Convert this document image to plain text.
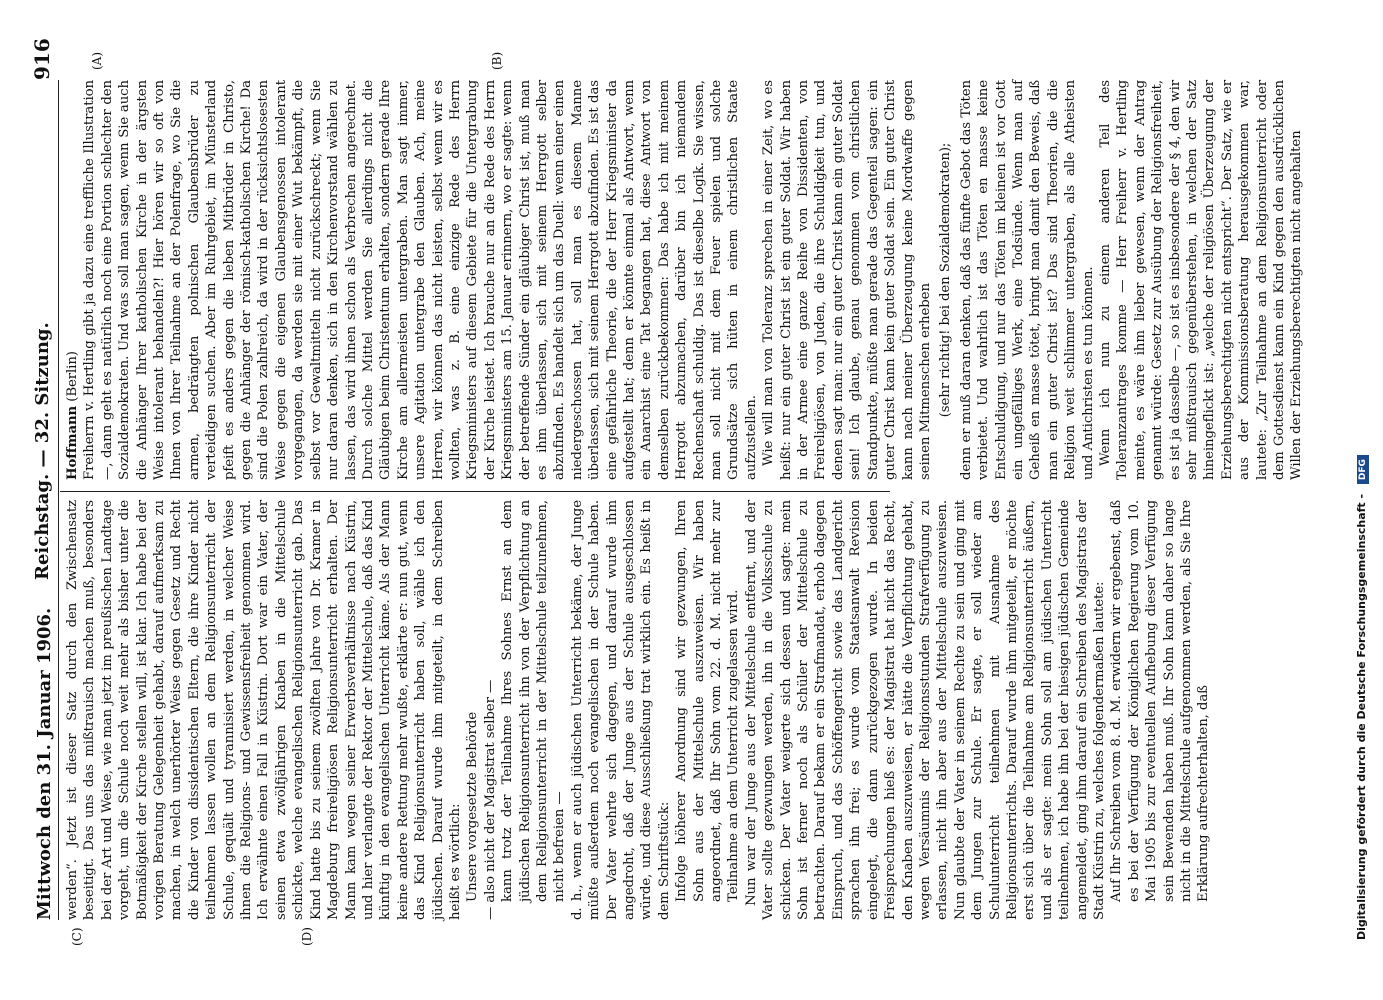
916
Reichstag. — 32. Sitzung.
Mittwoch den 31. Januar 1906.
(A)	(B)
(C)	(D)

Hoffmann (Berlin) Freiherrn v. Hertling gibt ja dazu eine treffliche Illustration —, dann geht es natürlich noch eine Portion schlechter den Sozialdemokraten. Und was soll man sagen, wenn Sie auch die Anhänger Ihrer katholischen Kirche in der ärgsten Weise intolerant behandeln?! Hier hören wir so oft von Ihnen von Ihrer Teilnahme an der Polenfrage, wo Sie die armen, bedrängten polnischen Glaubensbrüder zu verteidigen suchen. Aber im Ruhrgebiet, im Münsterland pfeift es anders gegen die lieben Mitbrüder in Christo, gegen die Anhänger der römisch-katholischen Kirche! Da sind die Polen zahlreich, da wird in der rücksichtslosesten Weise gegen die eigenen Glaubensgenossen intolerant vorgegangen, da werden sie mit einer Wut bekämpft, die selbst vor Gewaltmitteln nicht zurückschreckt; wenn Sie nur daran denken, sich in den Kirchenvorstand wählen zu lassen, das wird ihnen schon als Verbrechen angerechnet. Durch solche Mittel werden Sie allerdings nicht die Gläubigen beim Christentum erhalten, sondern gerade Ihre Kirche am allermeisten untergraben. Man sagt immer, unsere Agitation untergrabe den Glauben. Ach, meine Herren, wir können das nicht leisten, selbst wenn wir es wollten, was z. B. eine einzige Rede des Herrn Kriegsministers auf diesem Gebiete für die Untergrabung der Kirche leistet. Ich brauche nur an die Rede des Herrn Kriegsministers am 15. Januar erinnern, wo er sagte: wenn der betreffende Sünder ein gläubiger Christ ist, muß man es ihm überlassen, sich mit seinem Herrgott selber abzufinden. Es handelt sich um das Duell: wenn einer einen niedergeschossen hat, soll man es diesem Manne überlassen, sich mit seinem Herrgott abzufinden. Es ist das eine gefährliche Theorie, die der Herr Kriegsminister da aufgestellt hat; denn er könnte einmal als Antwort, wenn ein Anarchist eine Tat begangen hat, diese Antwort von demselben zurückbekommen: Das habe ich mit meinem Herrgott abzumachen, darüber bin ich niemandem Rechenschaft schuldig. Das ist dieselbe Logik. Sie wissen, man soll nicht mit dem Feuer spielen und solche Grundsätze sich hüten in einem christlichen Staate aufzustellen. Wie will man von Toleranz sprechen in einer Zeit, wo es heißt: nur ein guter Christ ist ein guter Soldat. Wir haben in der Armee eine ganze Reihe von Dissidenten, von Freireligiösen, von Juden, die ihre Schuldigkeit tun, und denen sagt man: nur ein guter Christ kann ein guter Soldat sein! Ich glaube, genau genommen vom christlichen Standpunkte, müßte man gerade das Gegenteil sagen: ein guter Christ kann kein guter Soldat sein. Ein guter Christ kann nach meiner Überzeugung keine Mordwaffe gegen seinen Mitmenschen erheben (sehr richtig! bei den Sozialdemokraten); denn er muß daran denken, daß das fünfte Gebot das Töten verbietet. Und wahrlich ist das Töten en masse keine Entschuldigung, und nur das Töten im kleinen ist vor Gott ein ungefälliges Werk, eine Todsünde. Wenn man auf Geheiß en masse tötet, bringt man damit den Beweis, daß man ein guter Christ ist? Das sind Theorien, die die Religion weit schlimmer untergraben, als alle Atheisten und Antichristen es tun können. Wenn ich nun zu einem anderen Teil des Toleranzantrages komme — Herr Freiherr v. Hertling meinte, es wäre ihm lieber gewesen, wenn der Antrag genannt würde: Gesetz zur Ausübung der Religionsfreiheit, es ist ja dasselbe —, so ist es insbesondere der § 4, den wir sehr mißtrauisch gegenüberstehen, in welchen der Satz hineingeflickt ist: „welche der religiösen Überzeugung der Erziehungsberechtigten nicht entspricht“. Der Satz, wie er aus der Kommissionsberatung herausgekommen war, lautete: „Zur Teilnahme an dem Religionsunterricht oder dem Gottesdienst kann ein Kind gegen den ausdrücklichen Willen der Erziehungsberechtigten nicht angehalten

werden“. Jetzt ist dieser Satz durch den Zwischensatz beseitigt. Das uns das mißtrauisch machen muß, besonders bei der Art und Weise, wie man jetzt im preußischen Landtage vorgeht, um die Schule noch weit mehr als bisher unter die Botmäßigkeit der Kirche stellen will, ist klar. Ich habe bei der vorigen Beratung Gelegenheit gehabt, darauf aufmerksam zu machen, in welch unerhörter Weise gegen Gesetz und Recht die Kinder von dissidentischen Eltern, die ihre Kinder nicht teilnehmen lassen wollen an dem Religionsunterricht der Schule, gequält und tyrannisiert werden, in welcher Weise ihnen die Religions- und Gewissensfreiheit genommen wird. Ich erwähnte einen Fall in Küstrin. Dort war ein Vater, der seinen etwa zwölfjährigen Knaben in die Mittelschule schickte, welche evangelischen Religionsunterricht gab. Das Kind hatte bis zu seinem zwölften Jahre von Dr. Kramer in Magdeburg freireligiösen Religionsunterricht erhalten. Der Mann kam wegen seiner Erwerbsverhältnisse nach Küstrin, und hier verlangte der Rektor der Mittelschule, daß das Kind künftig in den evangelischen Unterricht käme. Als der Mann keine andere Rettung mehr wußte, erklärte er: nun gut, wenn das Kind Religionsunterricht haben soll, wähle ich den jüdischen. Darauf wurde ihm mitgeteilt, in dem Schreiben heißt es wörtlich: Unsere vorgesetzte Behörde — also nicht der Magistrat selber — kann trotz der Teilnahme Ihres Sohnes Ernst an dem jüdischen Religionsunterricht ihn von der Verpflichtung an dem Religionsunterricht in der Mittelschule teilzunehmen, nicht befreien — d. h., wenn er auch jüdischen Unterricht bekäme, der Junge müßte außerdem noch evangelischen in der Schule haben. Der Vater wehrte sich dagegen, und darauf wurde ihm angedroht, daß der Junge aus der Schule ausgeschlossen würde, und diese Ausschließung trat wirklich ein. Es heißt in dem Schriftstück: Infolge höherer Anordnung sind wir gezwungen, Ihren Sohn aus der Mittelschule auszuweisen. Wir haben angeordnet, daß Ihr Sohn vom 22. d. M. nicht mehr zur Teilnahme an dem Unterricht zugelassen wird. Nun war der Junge aus der Mittelschule entfernt, und der Vater sollte gezwungen werden, ihn in die Volksschule zu schicken. Der Vater weigerte sich dessen und sagte: mein Sohn ist ferner noch als Schüler der Mittelschule zu betrachten. Darauf bekam er ein Strafmandat, erhob dagegen Einspruch, und das Schöffengericht sowie das Landgericht sprachen ihn frei; es wurde vom Staatsanwalt Revision eingelegt, die dann zurückgezogen wurde. In beiden Freisprechungen hieß es: der Magistrat hat nicht das Recht, den Knaben auszuweisen, er hätte die Verpflichtung gehabt, wegen Versäumnis der Religionsstunden Strafverfügung zu erlassen, nicht ihn aber aus der Mittelschule auszuweisen. Nun glaubte der Vater in seinem Rechte zu sein und ging mit dem Jungen zur Schule. Er sagte, er soll wieder am Schulunterricht teilnehmen mit Ausnahme des Religionsunterrichts. Darauf wurde ihm mitgeteilt, er möchte erst sich über die Teilnahme am Religionsunterricht äußern, und als er sagte: mein Sohn soll am jüdischen Unterricht teilnehmen, ich habe ihn bei der hiesigen jüdischen Gemeinde angemeldet, ging ihm darauf ein Schreiben des Magistrats der Stadt Küstrin zu, welches folgendermaßen lautete: Auf Ihr Schreiben vom 8. d. M. erwidern wir ergebenst, daß es bei der Verfügung der Königlichen Regierung vom 10. Mai 1905 bis zur eventuellen Aufhebung dieser Verfügung sein Bewenden haben muß. Ihr Sohn kann daher so lange nicht in die Mittelschule aufgenommen werden, als Sie Ihre Erklärung aufrechterhalten, daß	Digitalisierung gefördert durch die Deutsche Forschungsgemeinschaft - DFG
